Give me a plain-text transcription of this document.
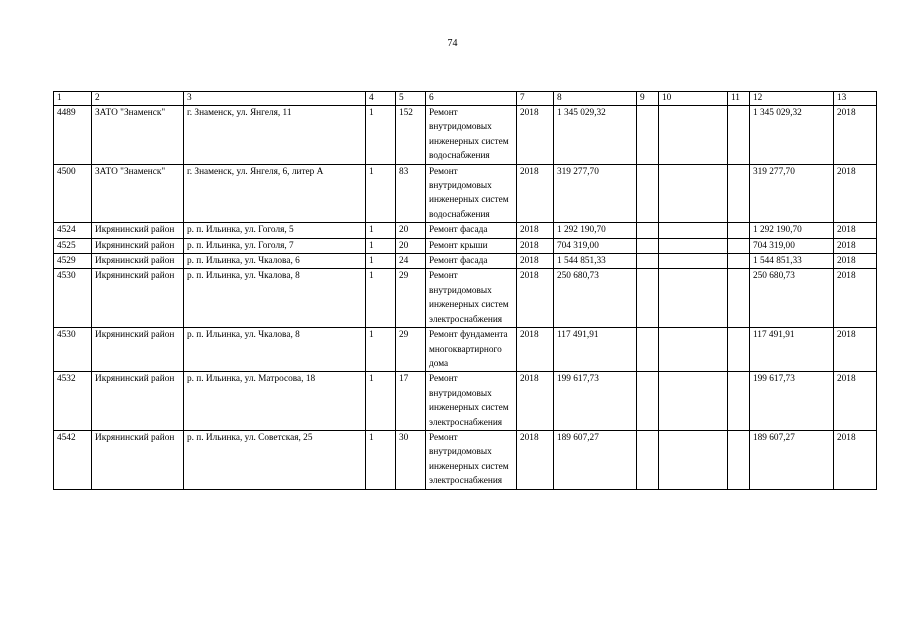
74
1	2	3	4	5	6	7	8	9	10	11	12	13
4489	ЗАТО "Знаменск"	г. Знаменск, ул. Янгеля, 11	1	152	Ремонт внутридомовых инженерных систем водоснабжения	2018	1 345 029,32				1 345 029,32	2018
4500	ЗАТО "Знаменск"	г. Знаменск, ул. Янгеля, 6, литер А	1	83	Ремонт внутридомовых инженерных систем водоснабжения	2018	319 277,70				319 277,70	2018
4524	Икрянинский район	р. п. Ильинка, ул. Гоголя, 5	1	20	Ремонт фасада	2018	1 292 190,70				1 292 190,70	2018
4525	Икрянинский район	р. п. Ильинка, ул. Гоголя, 7	1	20	Ремонт крыши	2018	704 319,00				704 319,00	2018
4529	Икрянинский район	р. п. Ильинка, ул. Чкалова, 6	1	24	Ремонт фасада	2018	1 544 851,33				1 544 851,33	2018
4530	Икрянинский район	р. п. Ильинка, ул. Чкалова, 8	1	29	Ремонт внутридомовых инженерных систем электроснабжения	2018	250 680,73				250 680,73	2018
4530	Икрянинский район	р. п. Ильинка, ул. Чкалова, 8	1	29	Ремонт фундамента многоквартирного дома	2018	117 491,91				117 491,91	2018
4532	Икрянинский район	р. п. Ильинка, ул. Матросова, 18	1	17	Ремонт внутридомовых инженерных систем электроснабжения	2018	199 617,73				199 617,73	2018
4542	Икрянинский район	р. п. Ильинка, ул. Советская, 25	1	30	Ремонт внутридомовых инженерных систем электроснабжения	2018	189 607,27				189 607,27	2018
